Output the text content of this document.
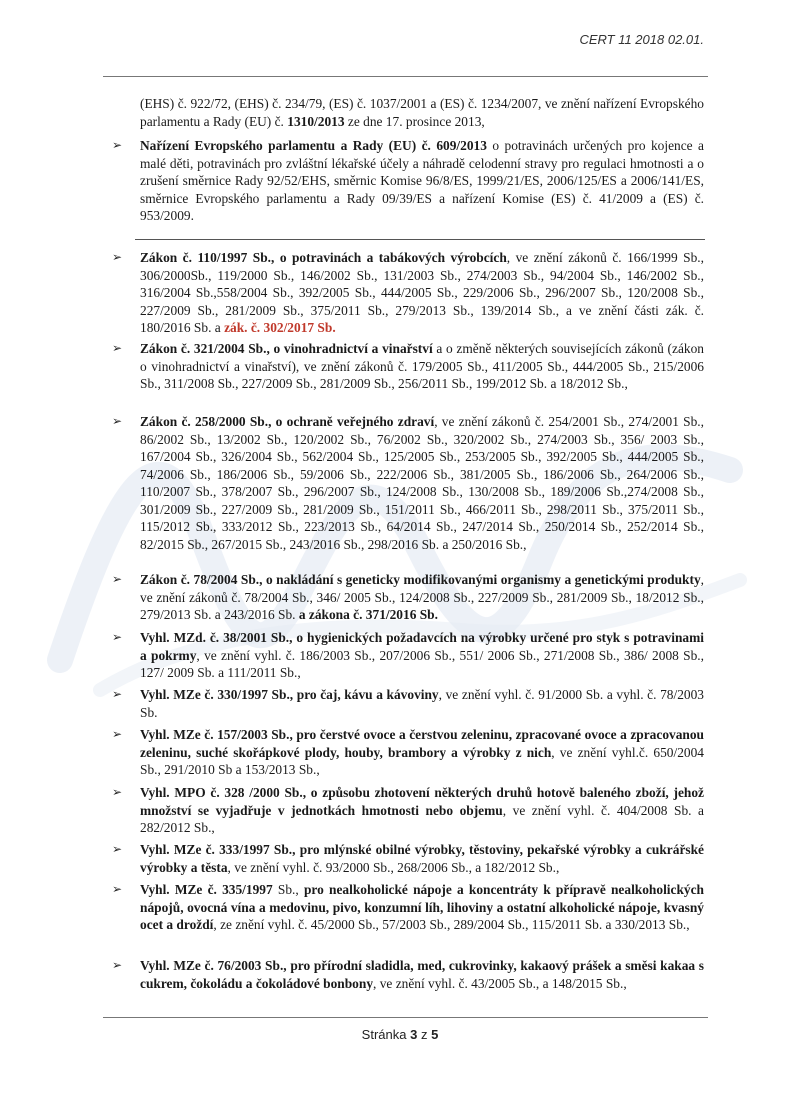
CERT 11 2018 02.01.

(EHS) č. 922/72, (EHS) č. 234/79, (ES) č. 1037/2001 a (ES) č. 1234/2007, ve znění nařízení Evropského parlamentu a Rady (EU) č. 1310/2013 ze dne 17. prosince 2013,

➢ Nařízení Evropského parlamentu a Rady (EU) č. 609/2013 o potravinách určených pro kojence a malé děti, potravinách pro zvláštní lékařské účely a náhradě celodenní stravy pro regulaci hmotnosti a o zrušení směrnice Rady 92/52/EHS, směrnic Komise 96/8/ES, 1999/21/ES, 2006/125/ES a 2006/141/ES, směrnice Evropského parlamentu a Rady 09/39/ES a nařízení Komise (ES) č. 41/2009 a (ES) č. 953/2009.

➢ Zákon č. 110/1997 Sb., o potravinách a tabákových výrobcích, ve znění zákonů č. 166/1999 Sb., 306/2000Sb., 119/2000 Sb., 146/2002 Sb., 131/2003 Sb., 274/2003 Sb., 94/2004 Sb., 146/2002 Sb., 316/2004 Sb.,558/2004 Sb., 392/2005 Sb., 444/2005 Sb., 229/2006 Sb., 296/2007 Sb., 120/2008 Sb., 227/2009 Sb., 281/2009 Sb., 375/2011 Sb., 279/2013 Sb., 139/2014 Sb., a ve znění části zák. č. 180/2016 Sb. a zák. č. 302/2017 Sb.

➢ Zákon č. 321/2004 Sb., o vinohradnictví a vinařství a o změně některých souvisejících zákonů (zákon o vinohradnictví a vinařství), ve znění zákonů č. 179/2005 Sb., 411/2005 Sb., 444/2005 Sb., 215/2006 Sb., 311/2008 Sb., 227/2009 Sb., 281/2009 Sb., 256/2011 Sb., 199/2012 Sb. a 18/2012 Sb.,

➢ Zákon č. 258/2000 Sb., o ochraně veřejného zdraví, ve znění zákonů č. 254/2001 Sb., 274/2001 Sb., 86/2002 Sb., 13/2002 Sb., 120/2002 Sb., 76/2002 Sb., 320/2002 Sb., 274/2003 Sb., 356/ 2003 Sb., 167/2004 Sb., 326/2004 Sb., 562/2004 Sb., 125/2005 Sb., 253/2005 Sb., 392/2005 Sb., 444/2005 Sb., 74/2006 Sb., 186/2006 Sb., 59/2006 Sb., 222/2006 Sb., 381/2005 Sb., 186/2006 Sb., 264/2006 Sb., 110/2007 Sb., 378/2007 Sb., 296/2007 Sb., 124/2008 Sb., 130/2008 Sb., 189/2006 Sb.,274/2008 Sb., 301/2009 Sb., 227/2009 Sb., 281/2009 Sb., 151/2011 Sb., 466/2011 Sb., 298/2011 Sb., 375/2011 Sb., 115/2012 Sb., 333/2012 Sb., 223/2013 Sb., 64/2014 Sb., 247/2014 Sb., 250/2014 Sb., 252/2014 Sb., 82/2015 Sb., 267/2015 Sb., 243/2016 Sb., 298/2016 Sb. a 250/2016 Sb.,

➢ Zákon č. 78/2004 Sb., o nakládání s geneticky modifikovanými organismy a genetickými produkty, ve znění zákonů č. 78/2004 Sb., 346/ 2005 Sb., 124/2008 Sb., 227/2009 Sb., 281/2009 Sb., 18/2012 Sb., 279/2013 Sb. a 243/2016 Sb. a zákona č. 371/2016 Sb.

➢ Vyhl. MZd. č. 38/2001 Sb., o hygienických požadavcích na výrobky určené pro styk s potravinami a pokrmy, ve znění vyhl. č. 186/2003 Sb., 207/2006 Sb., 551/ 2006 Sb., 271/2008 Sb., 386/ 2008 Sb., 127/ 2009 Sb. a 111/2011 Sb.,

➢ Vyhl. MZe č. 330/1997 Sb., pro čaj, kávu a kávoviny, ve znění vyhl. č. 91/2000 Sb. a vyhl. č. 78/2003 Sb.

➢ Vyhl. MZe č. 157/2003 Sb., pro čerstvé ovoce a čerstvou zeleninu, zpracované ovoce a zpracovanou zeleninu, suché skořápkové plody, houby, brambory a výrobky z nich, ve znění vyhl.č. 650/2004 Sb., 291/2010 Sb a 153/2013 Sb.,

➢ Vyhl. MPO č. 328 /2000 Sb., o způsobu zhotovení některých druhů hotově baleného zboží, jehož množství se vyjadřuje v jednotkách hmotnosti nebo objemu, ve znění vyhl. č. 404/2008 Sb. a 282/2012 Sb.,

➢ Vyhl. MZe č. 333/1997 Sb., pro mlýnské obilné výrobky, těstoviny, pekařské výrobky a cukrářské výrobky a těsta, ve znění vyhl. č. 93/2000 Sb., 268/2006 Sb., a 182/2012 Sb.,

➢ Vyhl. MZe č. 335/1997 Sb., pro nealkoholické nápoje a koncentráty k přípravě nealkoholických nápojů, ovocná vína a medovinu, pivo, konzumní líh, lihoviny a ostatní alkoholické nápoje, kvasný ocet a droždí, ze znění vyhl. č. 45/2000 Sb., 57/2003 Sb., 289/2004 Sb., 115/2011 Sb. a 330/2013 Sb.,

➢ Vyhl. MZe č. 76/2003 Sb., pro přírodní sladidla, med, cukrovinky, kakaový prášek a směsi kakaa s cukrem, čokoládu a čokoládové bonbony, ve znění vyhl. č. 43/2005 Sb., a 148/2015 Sb.,

Stránka 3 z 5
